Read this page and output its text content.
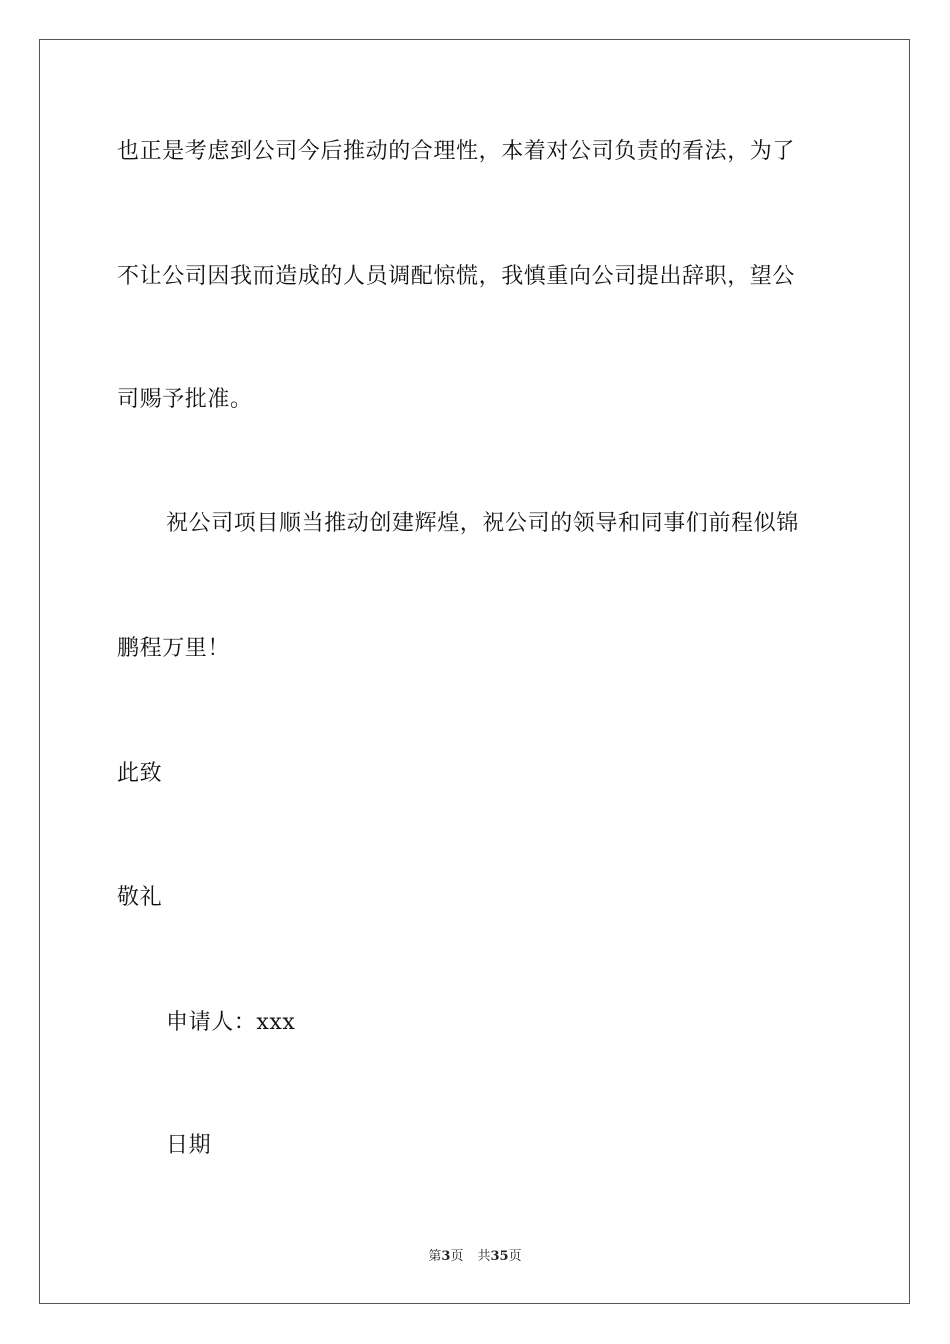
也正是考虑到公司今后推动的合理性，本着对公司负责的看法，为了
不让公司因我而造成的人员调配惊慌，我慎重向公司提出辞职，望公
司赐予批准。
祝公司项目顺当推动创建辉煌，祝公司的领导和同事们前程似锦
鹏程万里！
此致
敬礼
申请人：xxx
日期
第3页 共35页
